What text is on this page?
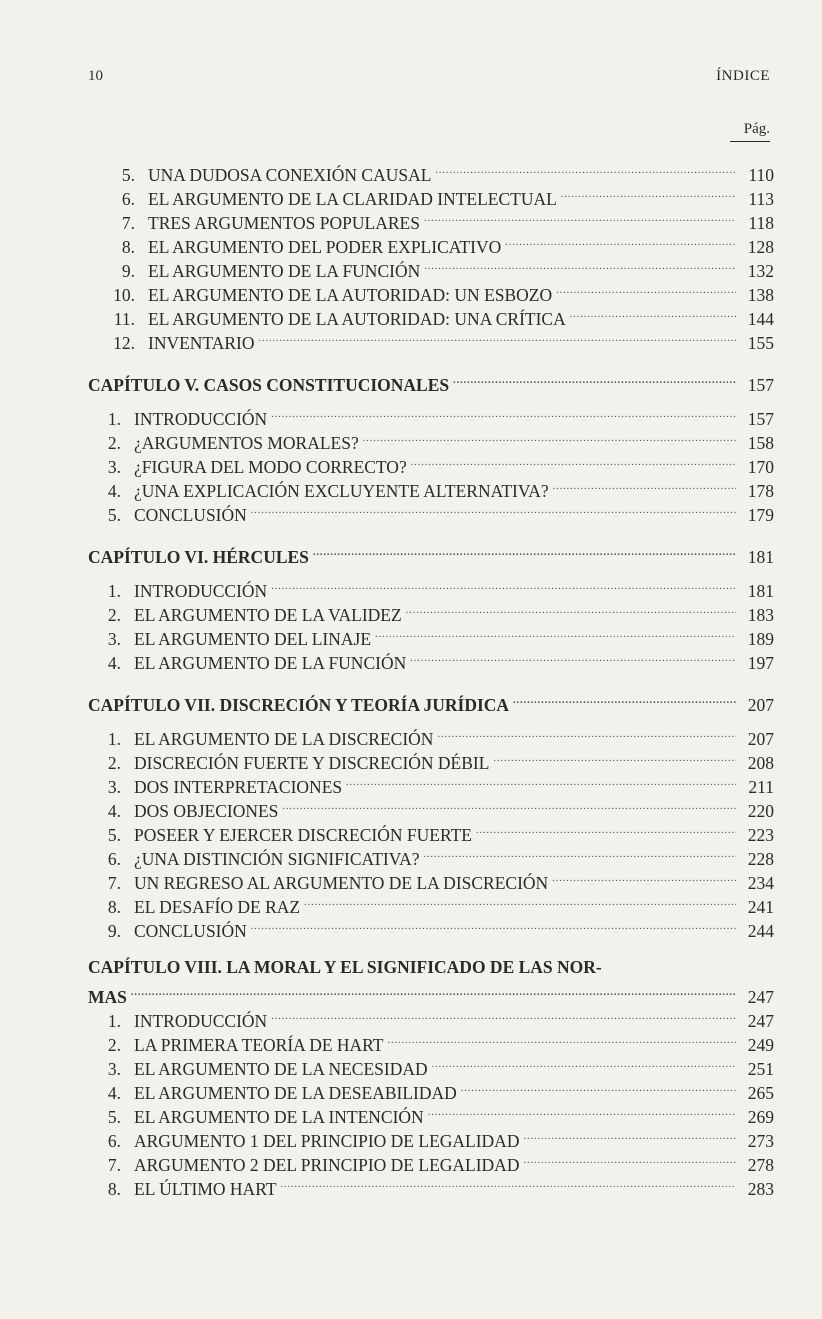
10	ÍNDICE
Pág.
5. UNA DUDOSA CONEXIÓN CAUSAL .....	110
6. EL ARGUMENTO DE LA CLARIDAD INTELECTUAL .....	113
7. TRES ARGUMENTOS POPULARES .....	118
8. EL ARGUMENTO DEL PODER EXPLICATIVO .....	128
9. EL ARGUMENTO DE LA FUNCIÓN .....	132
10. EL ARGUMENTO DE LA AUTORIDAD: UN ESBOZO .....	138
11. EL ARGUMENTO DE LA AUTORIDAD: UNA CRÍTICA .....	144
12. INVENTARIO .....	155
CAPÍTULO V. CASOS CONSTITUCIONALES .....	157
1. INTRODUCCIÓN .....	157
2. ¿ARGUMENTOS MORALES? .....	158
3. ¿FIGURA DEL MODO CORRECTO? .....	170
4. ¿UNA EXPLICACIÓN EXCLUYENTE ALTERNATIVA? .....	178
5. CONCLUSIÓN .....	179
CAPÍTULO VI. HÉRCULES .....	181
1. INTRODUCCIÓN .....	181
2. EL ARGUMENTO DE LA VALIDEZ .....	183
3. EL ARGUMENTO DEL LINAJE .....	189
4. EL ARGUMENTO DE LA FUNCIÓN .....	197
CAPÍTULO VII. DISCRECIÓN Y TEORÍA JURÍDICA .....	207
1. EL ARGUMENTO DE LA DISCRECIÓN .....	207
2. DISCRECIÓN FUERTE Y DISCRECIÓN DÉBIL .....	208
3. DOS INTERPRETACIONES .....	211
4. DOS OBJECIONES .....	220
5. POSEER Y EJERCER DISCRECIÓN FUERTE .....	223
6. ¿UNA DISTINCIÓN SIGNIFICATIVA? .....	228
7. UN REGRESO AL ARGUMENTO DE LA DISCRECIÓN .....	234
8. EL DESAFÍO DE RAZ .....	241
9. CONCLUSIÓN .....	244
CAPÍTULO VIII. LA MORAL Y EL SIGNIFICADO DE LAS NOR-
MAS .....	247
1. INTRODUCCIÓN .....	247
2. LA PRIMERA TEORÍA DE HART .....	249
3. EL ARGUMENTO DE LA NECESIDAD .....	251
4. EL ARGUMENTO DE LA DESEABILIDAD .....	265
5. EL ARGUMENTO DE LA INTENCIÓN .....	269
6. ARGUMENTO 1 DEL PRINCIPIO DE LEGALIDAD .....	273
7. ARGUMENTO 2 DEL PRINCIPIO DE LEGALIDAD .....	278
8. EL ÚLTIMO HART .....	283
